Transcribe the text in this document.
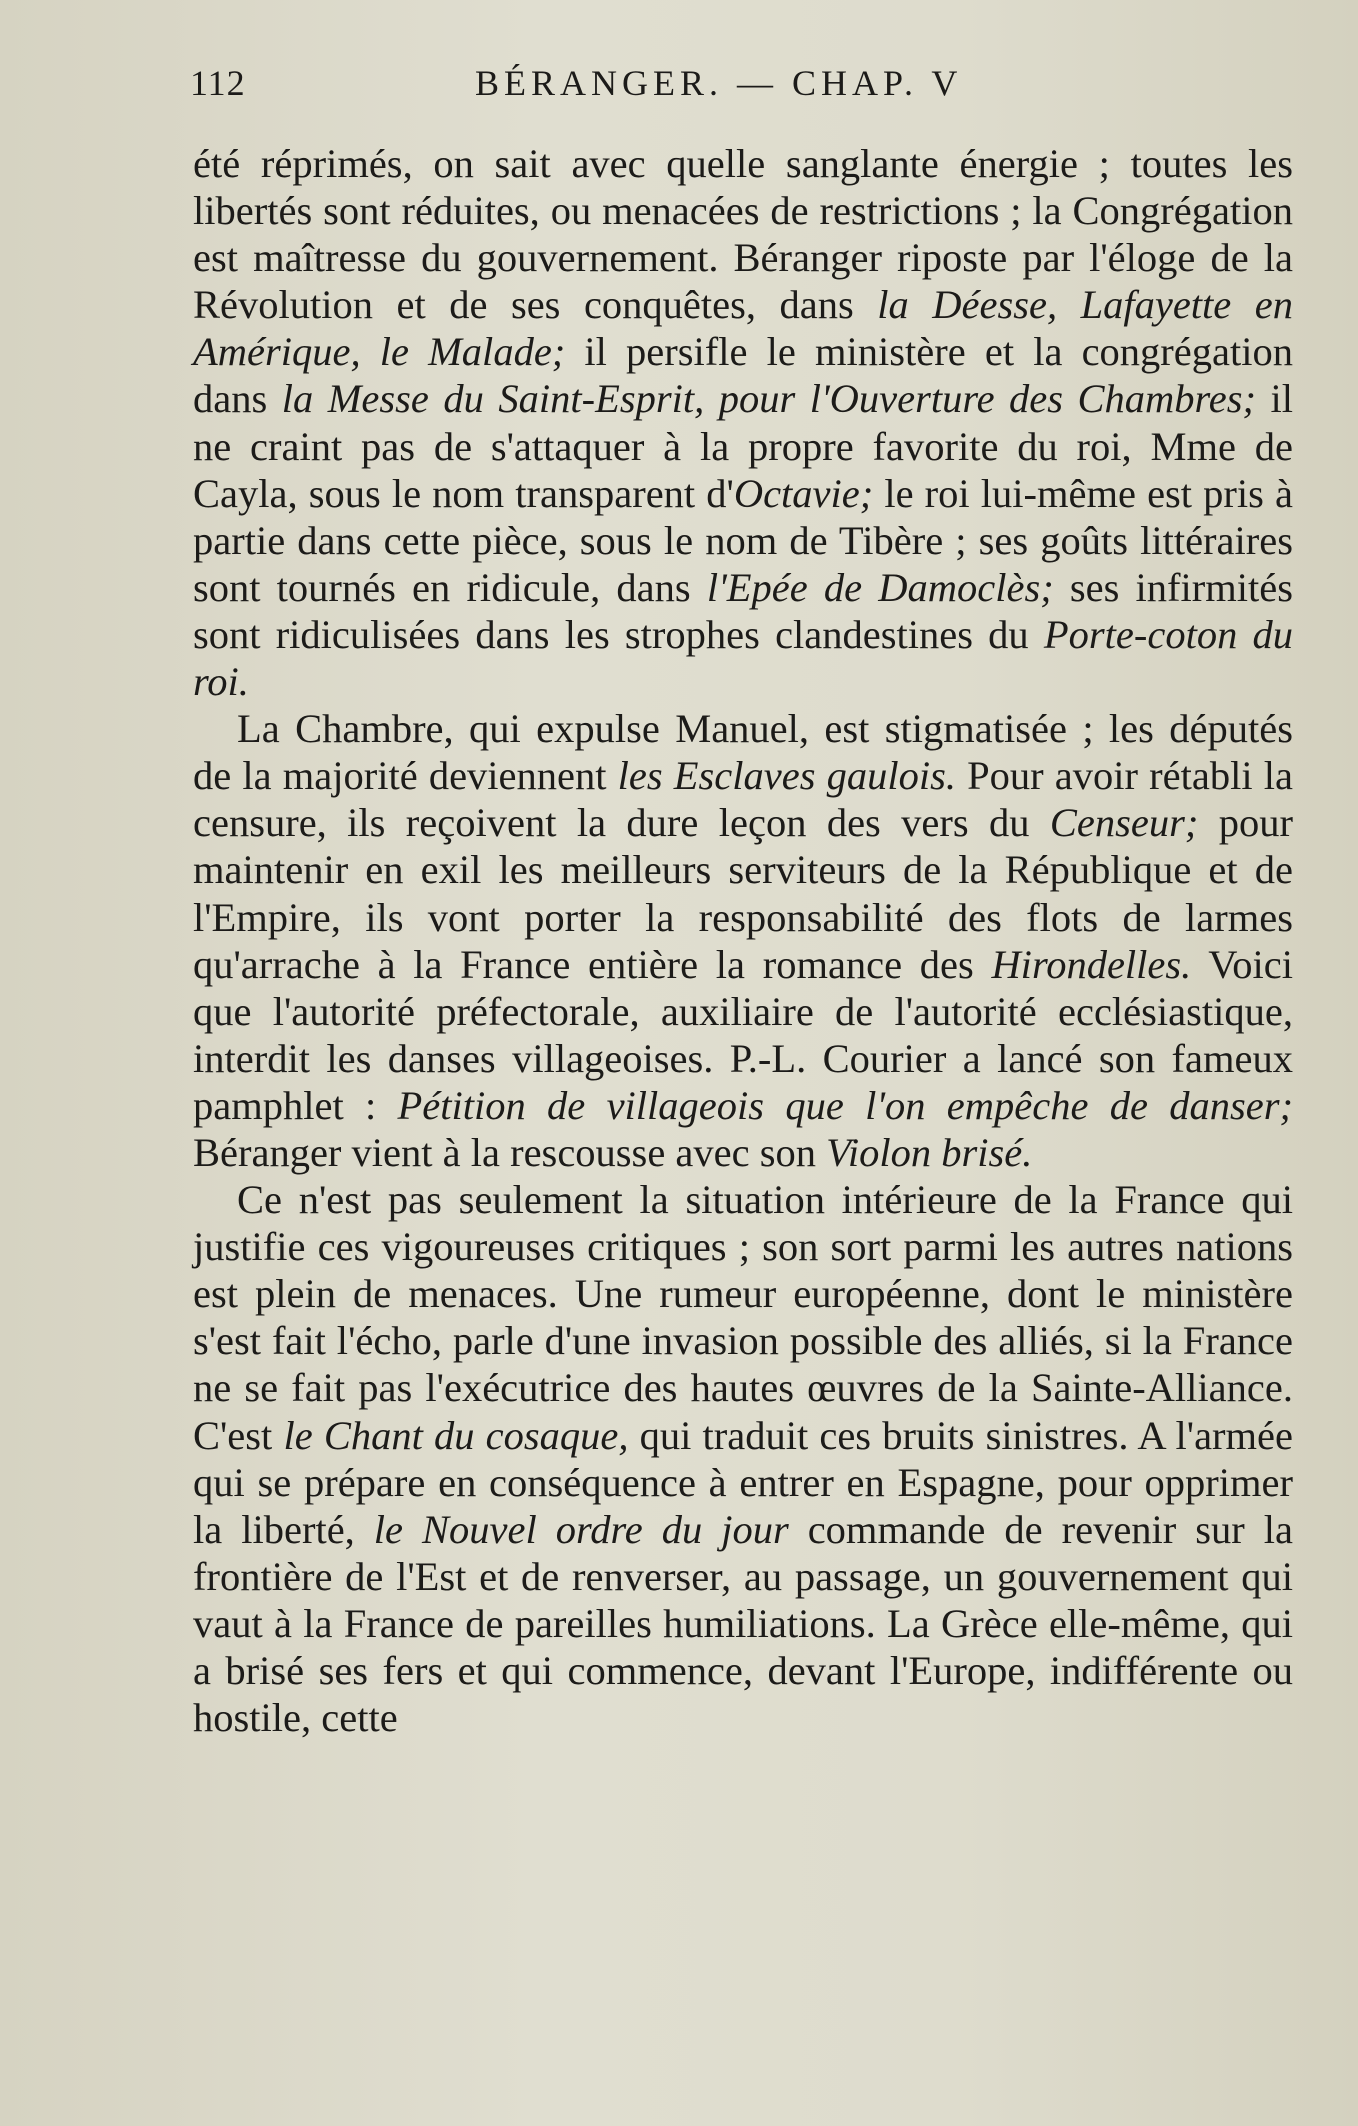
112	BÉRANGER. — CHAP. V

été réprimés, on sait avec quelle sanglante énergie ; toutes les libertés sont réduites, ou menacées de restrictions ; la Congrégation est maîtresse du gouvernement. Béranger riposte par l'éloge de la Révolution et de ses conquêtes, dans la Déesse, Lafayette en Amérique, le Malade; il persifle le ministère et la congrégation dans la Messe du Saint-Esprit, pour l'Ouverture des Chambres; il ne craint pas de s'attaquer à la propre favorite du roi, Mme de Cayla, sous le nom transparent d'Octavie; le roi lui-même est pris à partie dans cette pièce, sous le nom de Tibère ; ses goûts littéraires sont tournés en ridicule, dans l'Epée de Damoclès; ses infirmités sont ridiculisées dans les strophes clandestines du Porte-coton du roi.

La Chambre, qui expulse Manuel, est stigmatisée ; les députés de la majorité deviennent les Esclaves gaulois. Pour avoir rétabli la censure, ils reçoivent la dure leçon des vers du Censeur; pour maintenir en exil les meilleurs serviteurs de la République et de l'Empire, ils vont porter la responsabilité des flots de larmes qu'arrache à la France entière la romance des Hirondelles. Voici que l'autorité préfectorale, auxiliaire de l'autorité ecclésiastique, interdit les danses villageoises. P.-L. Courier a lancé son fameux pamphlet : Pétition de villageois que l'on empêche de danser; Béranger vient à la rescousse avec son Violon brisé.

Ce n'est pas seulement la situation intérieure de la France qui justifie ces vigoureuses critiques ; son sort parmi les autres nations est plein de menaces. Une rumeur européenne, dont le ministère s'est fait l'écho, parle d'une invasion possible des alliés, si la France ne se fait pas l'exécutrice des hautes œuvres de la Sainte-Alliance. C'est le Chant du cosaque, qui traduit ces bruits sinistres. A l'armée qui se prépare en conséquence à entrer en Espagne, pour opprimer la liberté, le Nouvel ordre du jour commande de revenir sur la frontière de l'Est et de renverser, au passage, un gouvernement qui vaut à la France de pareilles humiliations. La Grèce elle-même, qui a brisé ses fers et qui commence, devant l'Europe, indifférente ou hostile, cette
